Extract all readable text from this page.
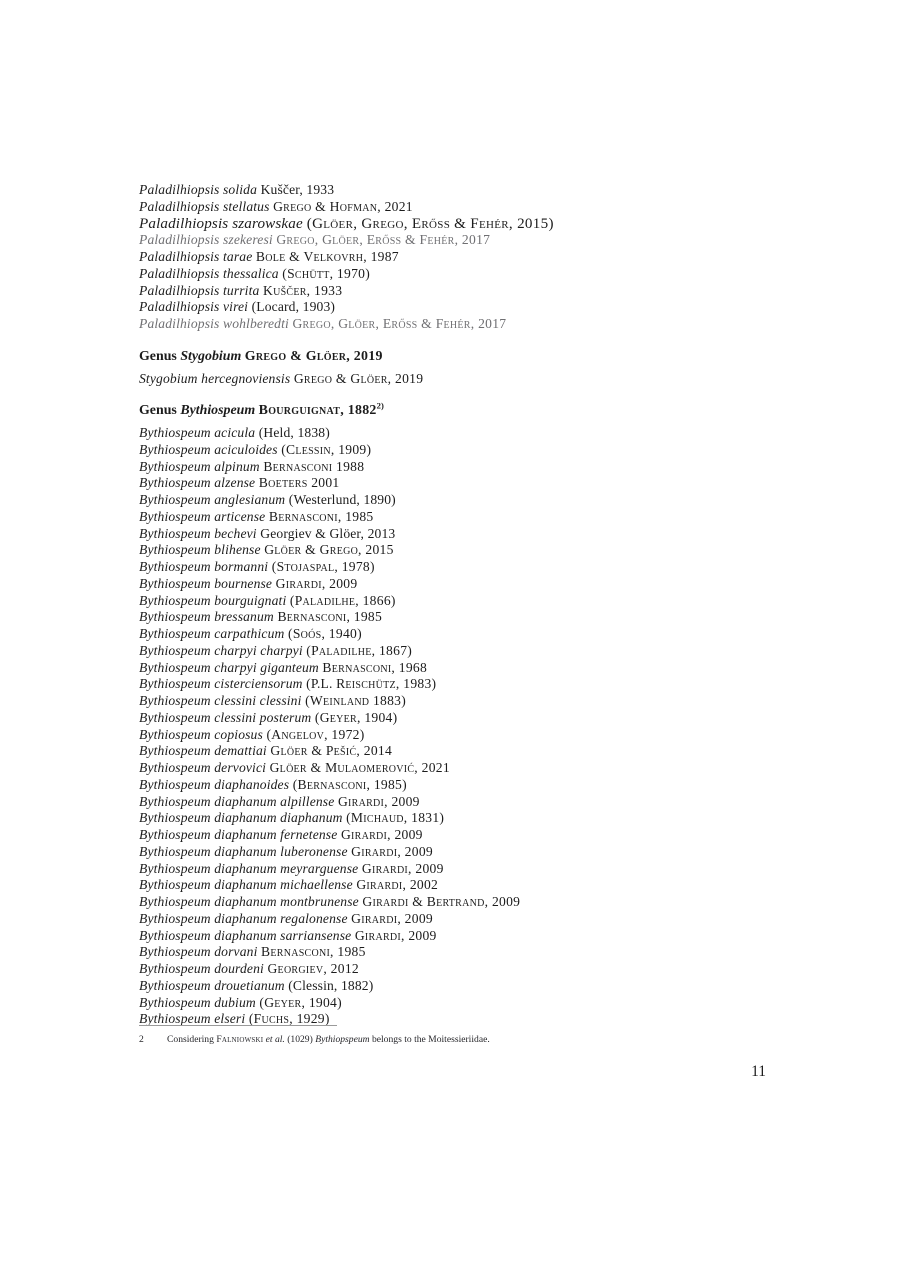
Paladilhiopsis solida Kuščer, 1933
Paladilhiopsis stellatus Grego & Hofman, 2021
Paladilhiopsis szarowskae (Glöer, Grego, Erőss & Fehér, 2015)
Paladilhiopsis szekeresi Grego, Glöer, Erőss & Fehér, 2017
Paladilhiopsis tarae Bole & Velkovrh, 1987
Paladilhiopsis thessalica (Schütt, 1970)
Paladilhiopsis turrita Kuščer, 1933
Paladilhiopsis virei (Locard, 1903)
Paladilhiopsis wohlberedti Grego, Glöer, Erőss & Fehér, 2017
Genus Stygobium Grego & Glöer, 2019
Stygobium hercegnoviensis Grego & Glöer, 2019
Genus Bythiospeum Bourguignat, 1882$^{2)}$
Bythiospeum acicula (Held, 1838)
Bythiospeum aciculoides (Clessin, 1909)
Bythiospeum alpinum Bernasconi 1988
Bythiospeum alzense Boeters 2001
Bythiospeum anglesianum (Westerlund, 1890)
Bythiospeum articense Bernasconi, 1985
Bythiospeum bechevi Georgiev & Glöer, 2013
Bythiospeum blihense Glöer & Grego, 2015
Bythiospeum bormanni (Stojaspal, 1978)
Bythiospeum bournense Girardi, 2009
Bythiospeum bourguignati (Paladilhe, 1866)
Bythiospeum bressanum Bernasconi, 1985
Bythiospeum carpathicum (Soós, 1940)
Bythiospeum charpyi charpyi (Paladilhe, 1867)
Bythiospeum charpyi giganteum Bernasconi, 1968
Bythiospeum cisterciensorum (P.L. Reischütz, 1983)
Bythiospeum clessini clessini (Weinland 1883)
Bythiospeum clessini posterum (Geyer, 1904)
Bythiospeum copiosus (Angelov, 1972)
Bythiospeum demattiai Glöer & Pešić, 2014
Bythiospeum dervovici Glöer & Mulaomerović, 2021
Bythiospeum diaphanoides (Bernasconi, 1985)
Bythiospeum diaphanum alpillense Girardi, 2009
Bythiospeum diaphanum diaphanum (Michaud, 1831)
Bythiospeum diaphanum fernetense Girardi, 2009
Bythiospeum diaphanum luberonense Girardi, 2009
Bythiospeum diaphanum meyrarguense Girardi, 2009
Bythiospeum diaphanum michaellense Girardi, 2002
Bythiospeum diaphanum montbrunense Girardi & Bertrand, 2009
Bythiospeum diaphanum regalonense Girardi, 2009
Bythiospeum diaphanum sarriansense Girardi, 2009
Bythiospeum dorvani Bernasconi, 1985
Bythiospeum dourdeni Georgiev, 2012
Bythiospeum drouetianum (Clessin, 1882)
Bythiospeum dubium (Geyer, 1904)
Bythiospeum elseri (Fuchs, 1929)
2 Considering Falniowski et al. (1029) Bythiopspeum belongs to the Moitessieriidae.
11
